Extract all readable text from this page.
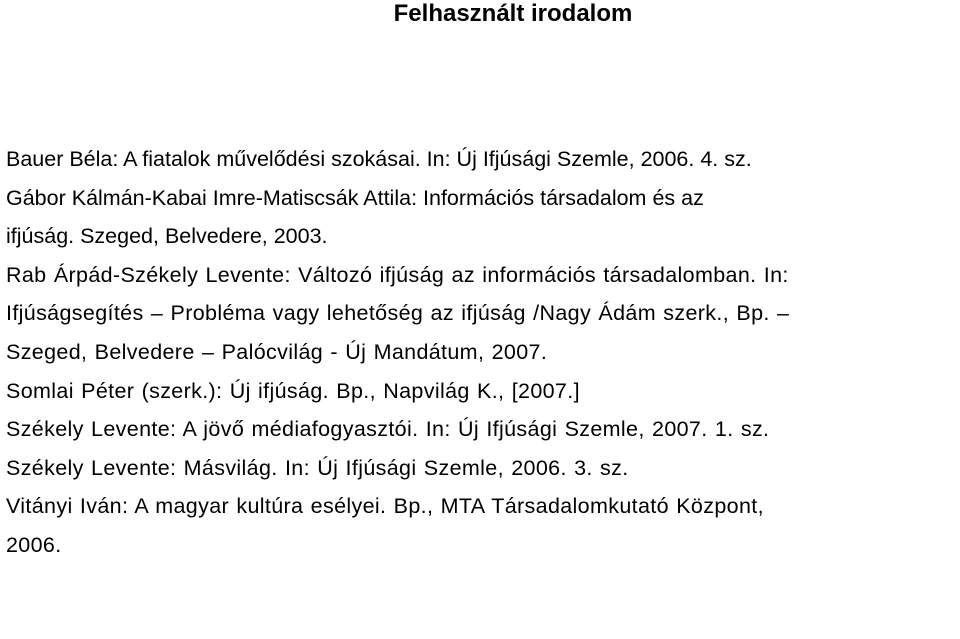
Felhasznált irodalom
Bauer Béla: A fiatalok művelődési szokásai. In: Új Ifjúsági Szemle, 2006. 4. sz.
Gábor Kálmán-Kabai Imre-Matiscsák Attila: Információs társadalom és az
ifjúság. Szeged, Belvedere, 2003.
Rab Árpád-Székely Levente: Változó ifjúság az információs társadalomban. In:
Ifjúságsegítés – Probléma vagy lehetőség az ifjúság /Nagy Ádám szerk., Bp. –
Szeged, Belvedere – Palócvilág - Új Mandátum, 2007.
Somlai Péter (szerk.): Új ifjúság. Bp., Napvilág K., [2007.]
Székely Levente: A jövő médiafogyasztói. In: Új Ifjúsági Szemle, 2007. 1. sz.
Székely Levente: Másvilág. In: Új Ifjúsági Szemle, 2006. 3. sz.
Vitányi Iván: A magyar kultúra esélyei. Bp., MTA Társadalomkutató Központ,
2006.
